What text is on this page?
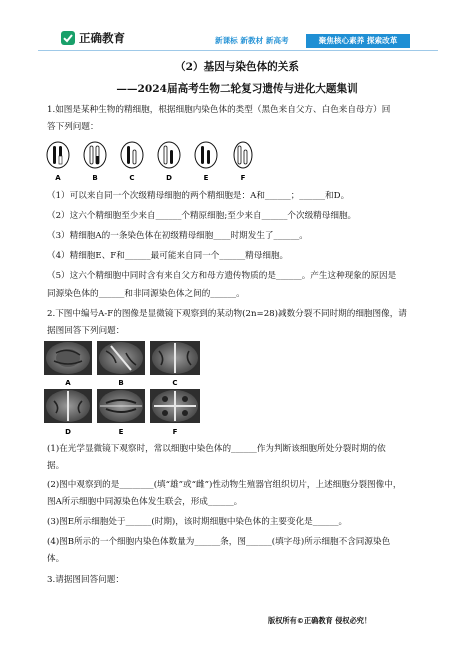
正确教育	新课标 新教材 新高考	聚焦核心素养 探索改革
（2）基因与染色体的关系
——2024届高考生物二轮复习遗传与进化大题集训
1.如图是某种生物的精细胞，根据细胞内染色体的类型（黑色来自父方、白色来自母方）回
答下列问题：
A	B	C	D	E	F
（1）可以来自同一个次级精母细胞的两个精细胞是：A和______；______和D。
（2）这六个精细胞至少来自______个精原细胞;至少来自______个次级精母细胞。
（3）精细胞A的一条染色体在初级精母细胞____时期发生了______。
（4）精细胞E、F和______最可能来自同一个______精母细胞。
（5）这六个精细胞中同时含有来自父方和母方遗传物质的是______。产生这种现象的原因是
同源染色体的______和非同源染色体之间的______。
2.下图中编号A-F的图像是显微镜下观察到的某动物(2n=28)减数分裂不同时期的细胞图像，请
据图回答下列问题：
A	B	C
D	E	F
(1)在光学显微镜下观察时，常以细胞中染色体的______作为判断该细胞所处分裂时期的依
据。
(2)图中观察到的是________(填“雄”或“雌”)性动物生殖器官组织切片，上述细胞分裂图像中，
图A所示细胞中同源染色体发生联会，形成______。
(3)图E所示细胞处于______(时期)，该时期细胞中染色体的主要变化是______。
(4)图B所示的一个细胞内染色体数量为______条，图______(填字母)所示细胞不含同源染色
体。
3.请据图回答问题：
版权所有©正确教育 侵权必究！
